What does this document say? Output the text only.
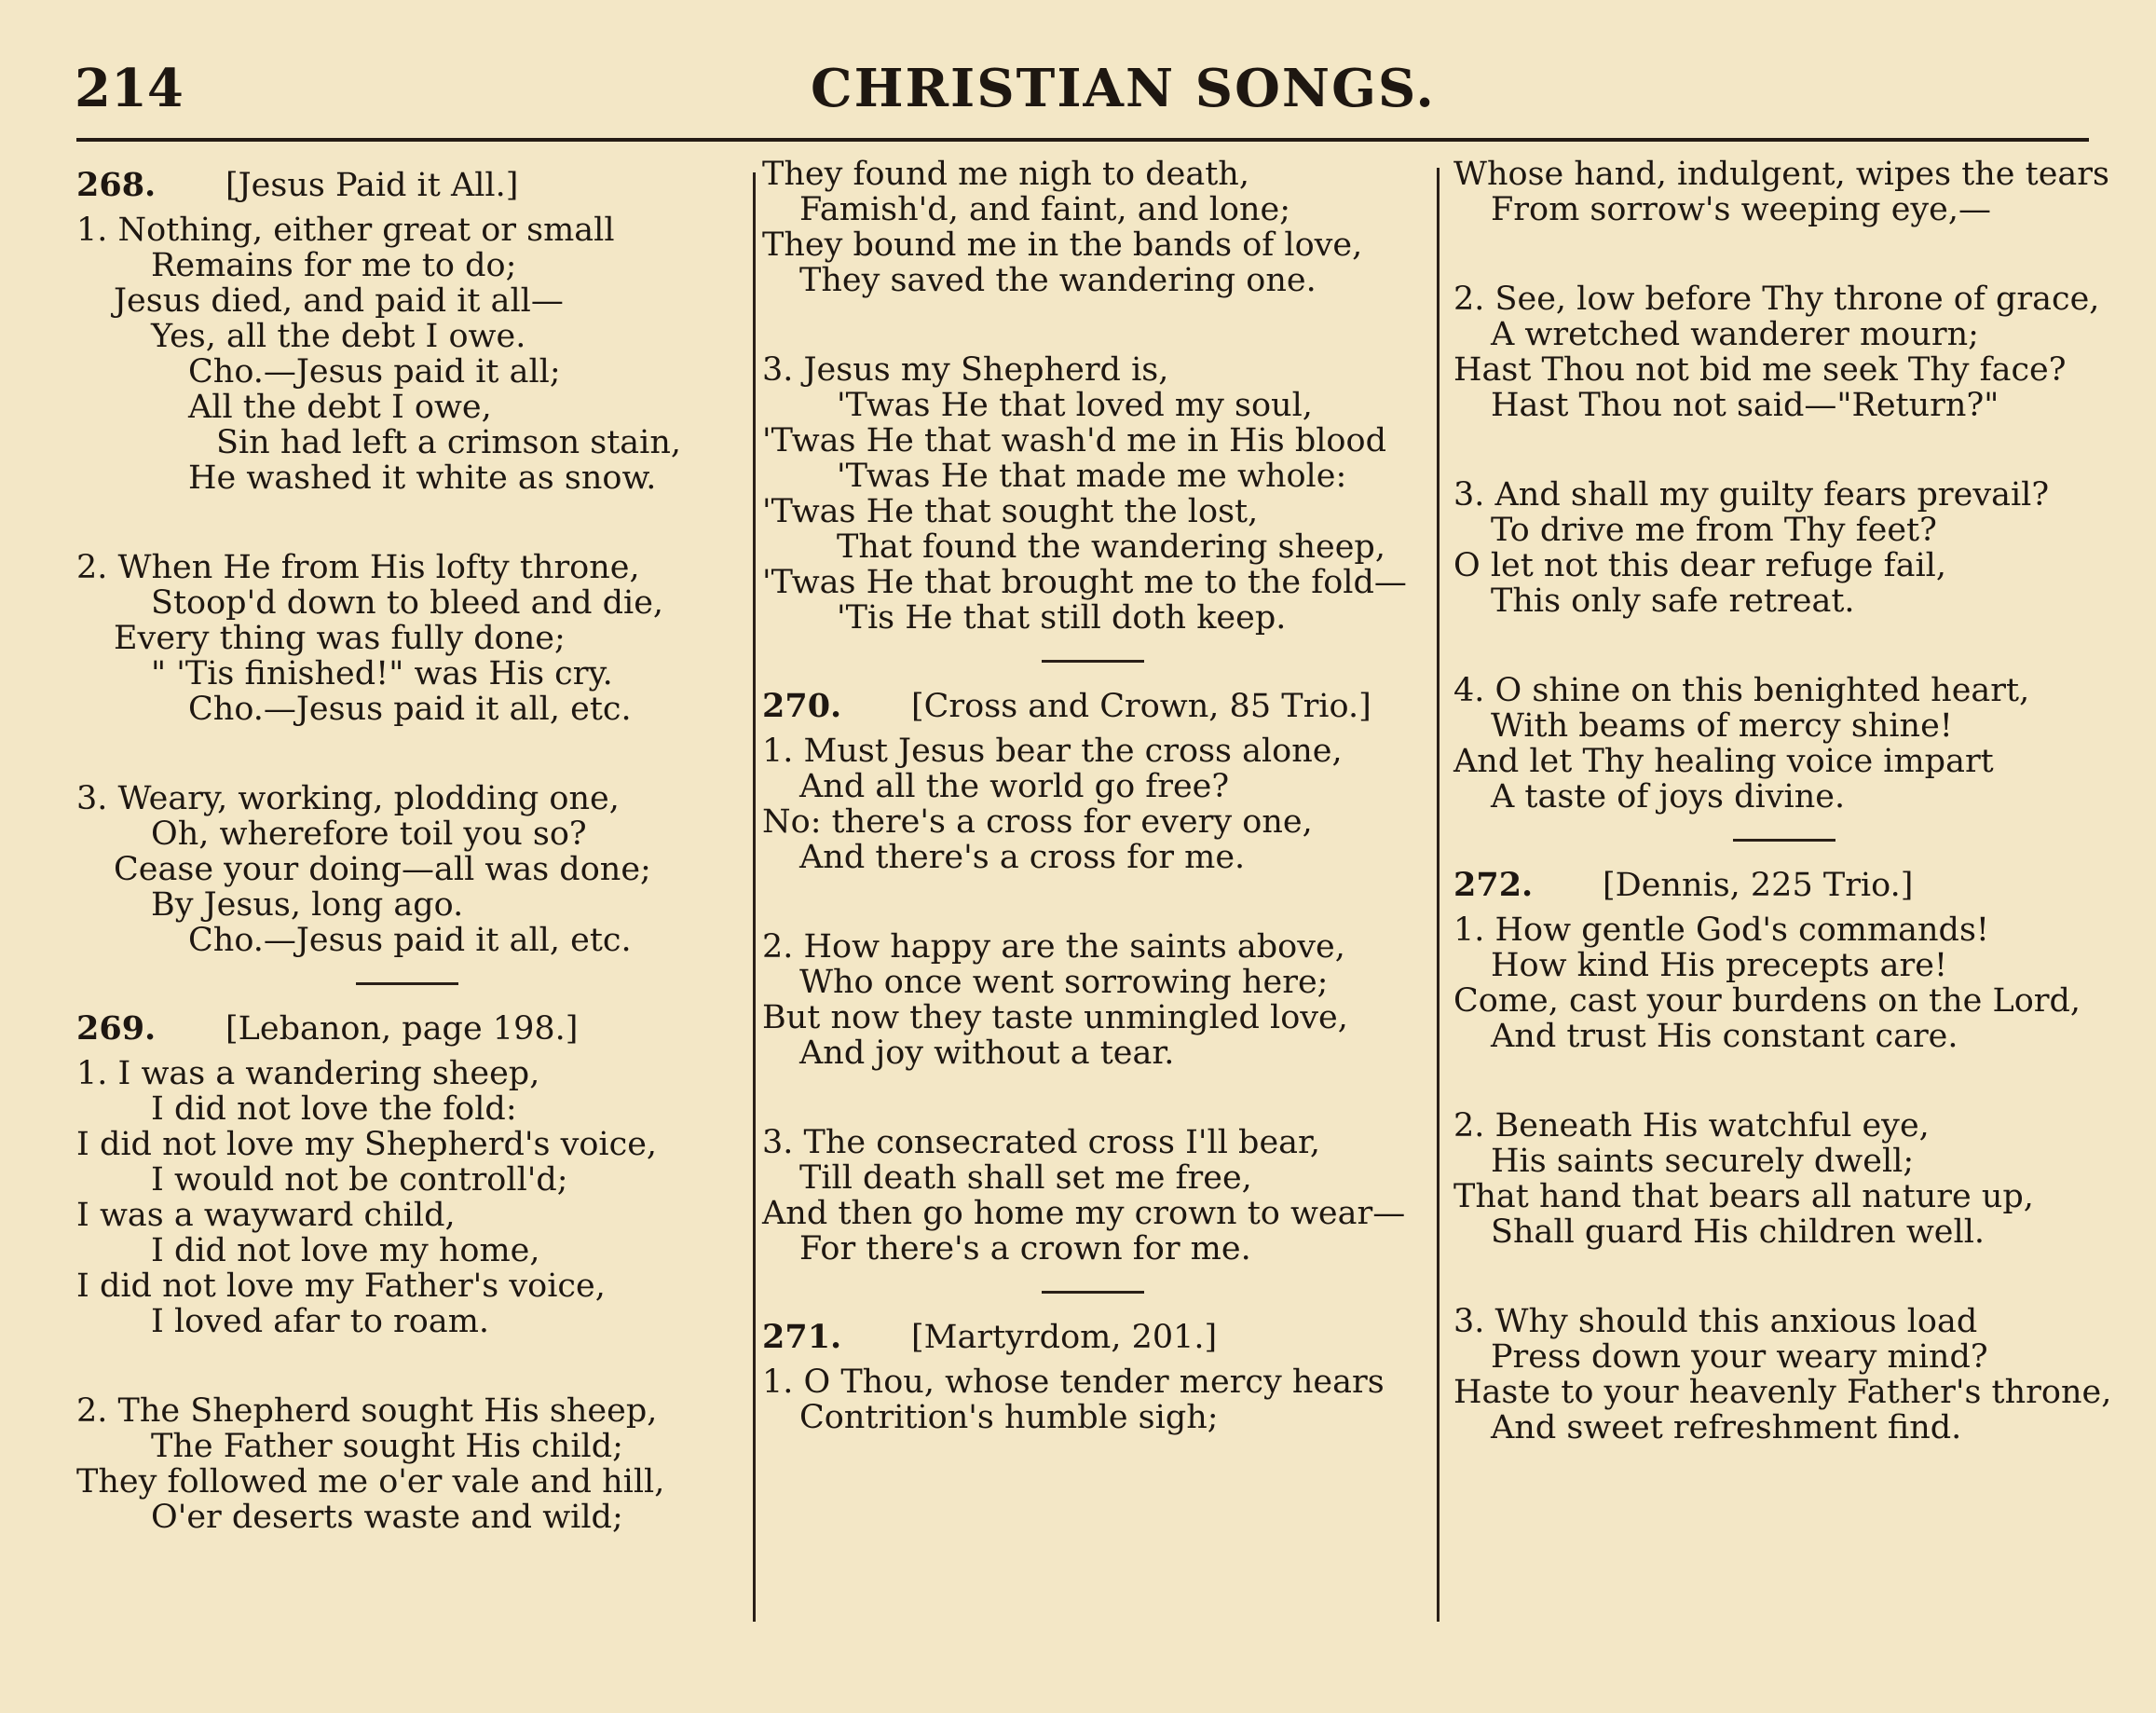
214	CHRISTIAN SONGS.
268.	[Jesus Paid it All.]
1. Nothing, either great or small
Remains for me to do;
Jesus died, and paid it all—
Yes, all the debt I owe.
Cho.—Jesus paid it all;
All the debt I owe,
Sin had left a crimson stain,
He washed it white as snow.
2. When He from His lofty throne,
Stoop'd down to bleed and die,
Every thing was fully done;
" 'Tis finished!" was His cry.
Cho.—Jesus paid it all, etc.
3. Weary, working, plodding one,
Oh, wherefore toil you so?
Cease your doing—all was done;
By Jesus, long ago.
Cho.—Jesus paid it all, etc.
269.	[Lebanon, page 198.]
1. I was a wandering sheep,
I did not love the fold:
I did not love my Shepherd's voice,
I would not be controll'd;
I was a wayward child,
I did not love my home,
I did not love my Father's voice,
I loved afar to roam.
2. The Shepherd sought His sheep,
The Father sought His child;
They followed me o'er vale and hill,
O'er deserts waste and wild;
They found me nigh to death,
Famish'd, and faint, and lone;
They bound me in the bands of love,
They saved the wandering one.
3. Jesus my Shepherd is,
'Twas He that loved my soul,
'Twas He that wash'd me in His blood
'Twas He that made me whole:
'Twas He that sought the lost,
That found the wandering sheep,
'Twas He that brought me to the fold—
'Tis He that still doth keep.
270.	[Cross and Crown, 85 Trio.]
1. Must Jesus bear the cross alone,
And all the world go free?
No: there's a cross for every one,
And there's a cross for me.
2. How happy are the saints above,
Who once went sorrowing here;
But now they taste unmingled love,
And joy without a tear.
3. The consecrated cross I'll bear,
Till death shall set me free,
And then go home my crown to wear—
For there's a crown for me.
271.	[Martyrdom, 201.]
1. O Thou, whose tender mercy hears
Contrition's humble sigh;
Whose hand, indulgent, wipes the tears
From sorrow's weeping eye,—
2. See, low before Thy throne of grace,
A wretched wanderer mourn;
Hast Thou not bid me seek Thy face?
Hast Thou not said—"Return?"
3. And shall my guilty fears prevail?
To drive me from Thy feet?
O let not this dear refuge fail,
This only safe retreat.
4. O shine on this benighted heart,
With beams of mercy shine!
And let Thy healing voice impart
A taste of joys divine.
272.	[Dennis, 225 Trio.]
1. How gentle God's commands!
How kind His precepts are!
Come, cast your burdens on the Lord,
And trust His constant care.
2. Beneath His watchful eye,
His saints securely dwell;
That hand that bears all nature up,
Shall guard His children well.
3. Why should this anxious load
Press down your weary mind?
Haste to your heavenly Father's throne,
And sweet refreshment find.
